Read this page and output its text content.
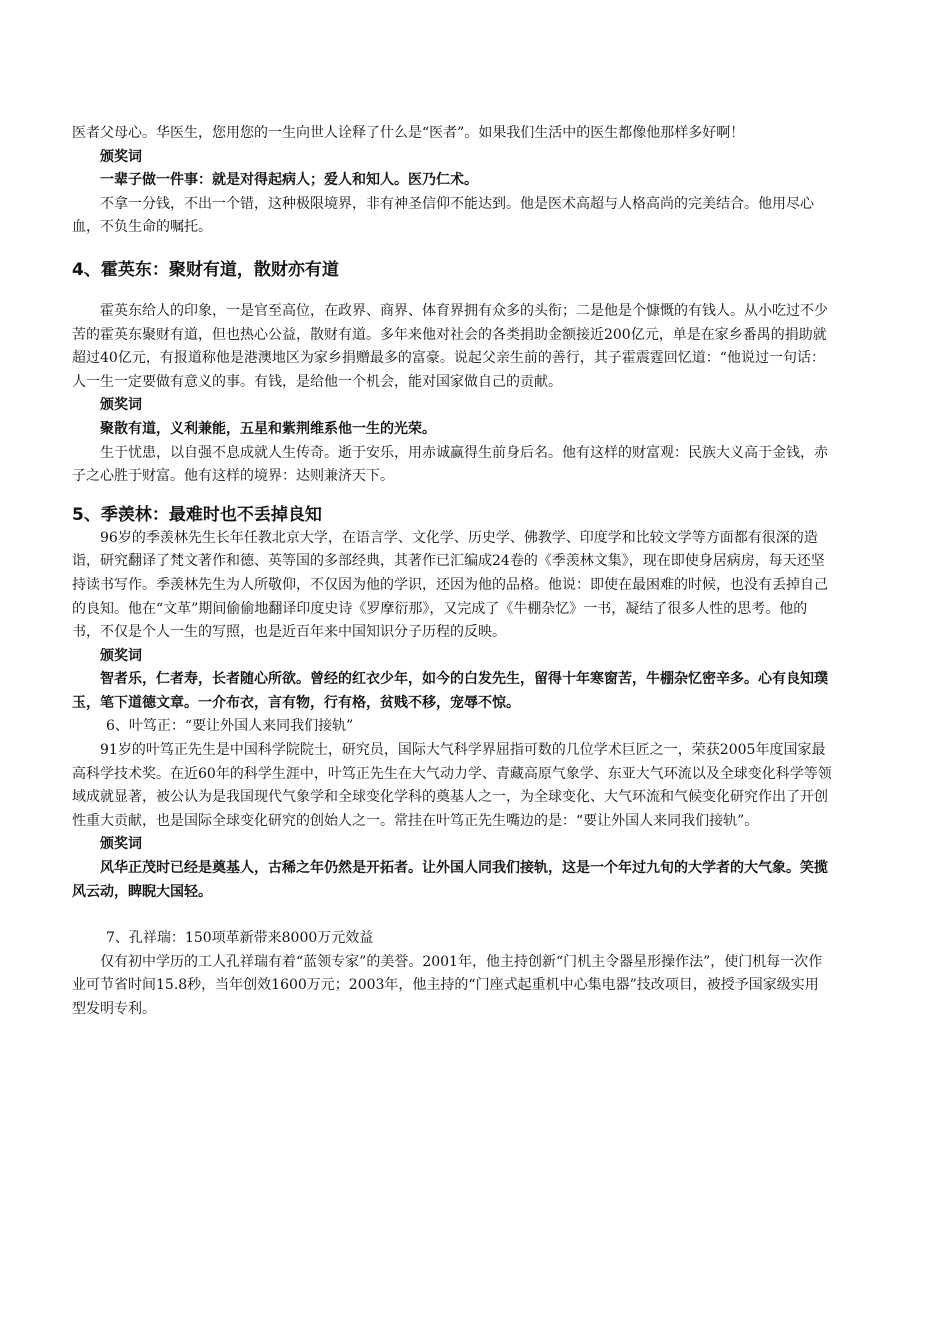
医者父母心。华医生，您用您的一生向世人诠释了什么是“医者”。如果我们生活中的医生都像他那样多好啊！

颁奖词

一辈子做一件事：就是对得起病人；爱人和知人。医乃仁术。

不拿一分钱，不出一个错，这种极限境界，非有神圣信仰不能达到。他是医术高超与人格高尚的完美结合。他用尽心血，不负生命的嘱托。

4、霍英东：聚财有道，散财亦有道

霍英东给人的印象，一是官至高位，在政界、商界、体育界拥有众多的头衔；二是他是个慷慨的有钱人。从小吃过不少苦的霍英东聚财有道，但也热心公益，散财有道。多年来他对社会的各类捐助金额接近200亿元，单是在家乡番禺的捐助就超过40亿元，有报道称他是港澳地区为家乡捐赠最多的富豪。说起父亲生前的善行，其子霍震霆回忆道：“他说过一句话：人一生一定要做有意义的事。有钱，是给他一个机会，能对国家做自己的贡献。

颁奖词

聚散有道，义利兼能，五星和紫荆维系他一生的光荣。

生于忧患，以自强不息成就人生传奇。逝于安乐，用赤诚赢得生前身后名。他有这样的财富观：民族大义高于金钱，赤子之心胜于财富。他有这样的境界：达则兼济天下。

5、季羡林：最难时也不丢掉良知

96岁的季羡林先生长年任教北京大学，在语言学、文化学、历史学、佛教学、印度学和比较文学等方面都有很深的造诣，研究翻译了梵文著作和德、英等国的多部经典，其著作已汇编成24卷的《季羡林文集》，现在即使身居病房，每天还坚持读书写作。季羡林先生为人所敬仰，不仅因为他的学识，还因为他的品格。他说：即使在最困难的时候，也没有丢掉自己的良知。他在“文革”期间偷偷地翻译印度史诗《罗摩衍那》，又完成了《牛棚杂忆》一书，凝结了很多人性的思考。他的书，不仅是个人一生的写照，也是近百年来中国知识分子历程的反映。

颁奖词

智者乐，仁者寿，长者随心所欲。曾经的红衣少年，如今的白发先生，留得十年寒窗苦，牛棚杂忆密辛多。心有良知璞玉，笔下道德文章。一介布衣，言有物，行有格，贫贱不移，宠辱不惊。

6、叶笃正：“要让外国人来同我们接轨”

91岁的叶笃正先生是中国科学院院士，研究员，国际大气科学界屈指可数的几位学术巨匠之一，荣获2005年度国家最高科学技术奖。在近60年的科学生涯中，叶笃正先生在大气动力学、青藏高原气象学、东亚大气环流以及全球变化科学等领域成就显著，被公认为是我国现代气象学和全球变化学科的奠基人之一，为全球变化、大气环流和气候变化研究作出了开创性重大贡献，也是国际全球变化研究的创始人之一。常挂在叶笃正先生嘴边的是：“要让外国人来同我们接轨”。

颁奖词

风华正茂时已经是奠基人，古稀之年仍然是开拓者。让外国人同我们接轨，这是一个年过九旬的大学者的大气象。笑揽风云动，睥睨大国轻。

7、孔祥瑞：150项革新带来8000万元效益

仅有初中学历的工人孔祥瑞有着“蓝领专家”的美誉。2001年，他主持创新“门机主令器星形操作法”，使门机每一次作业可节省时间15.8秒，当年创效1600万元；2003年，他主持的“门座式起重机中心集电器”技改项目，被授予国家级实用型发明专利。
